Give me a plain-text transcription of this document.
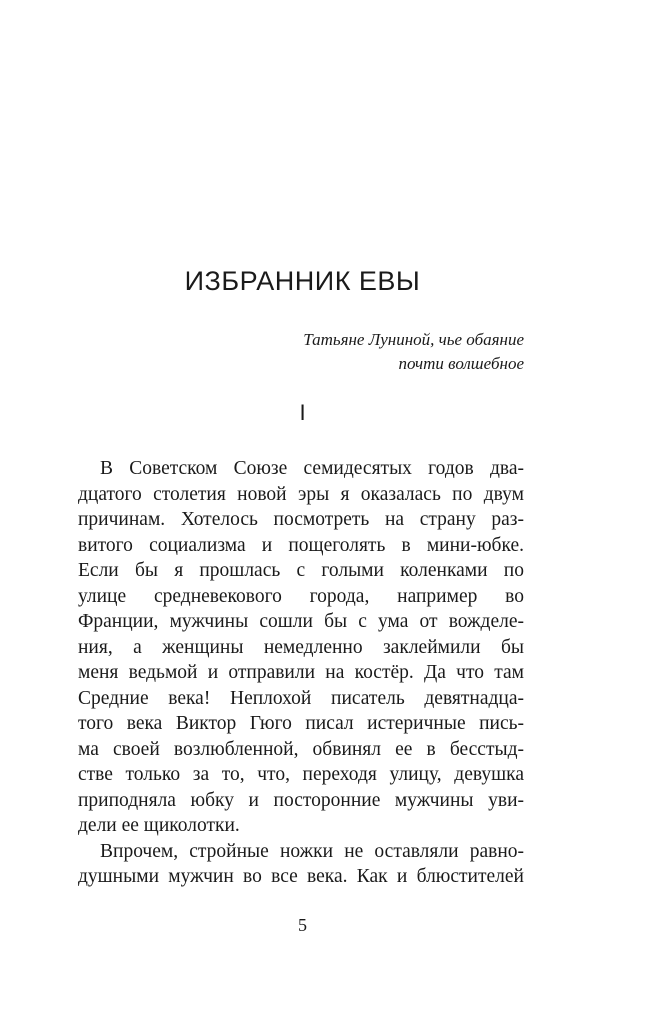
ИЗБРАННИК ЕВЫ
Татьяне Луниной, чье обаяние
почти волшебное
I
В Советском Союзе семидесятых годов два-
дцатого столетия новой эры я оказалась по двум
причинам. Хотелось посмотреть на страну раз-
витого социализма и пощеголять в мини-юбке.
Если бы я прошлась с голыми коленками по
улице средневекового города, например во
Франции, мужчины сошли бы с ума от вожделе-
ния, а женщины немедленно заклеймили бы
меня ведьмой и отправили на костёр. Да что там
Средние века! Неплохой писатель девятнадцa-
того века Виктор Гюго писал истеричные пись-
ма своей возлюбленной, обвинял ее в бесстыд-
стве только за то, что, переходя улицу, девушка
приподняла юбку и посторонние мужчины уви-
дели ее щиколотки.
Впрочем, стройные ножки не оставляли равно-
душными мужчин во все века. Как и блюстителей
5
